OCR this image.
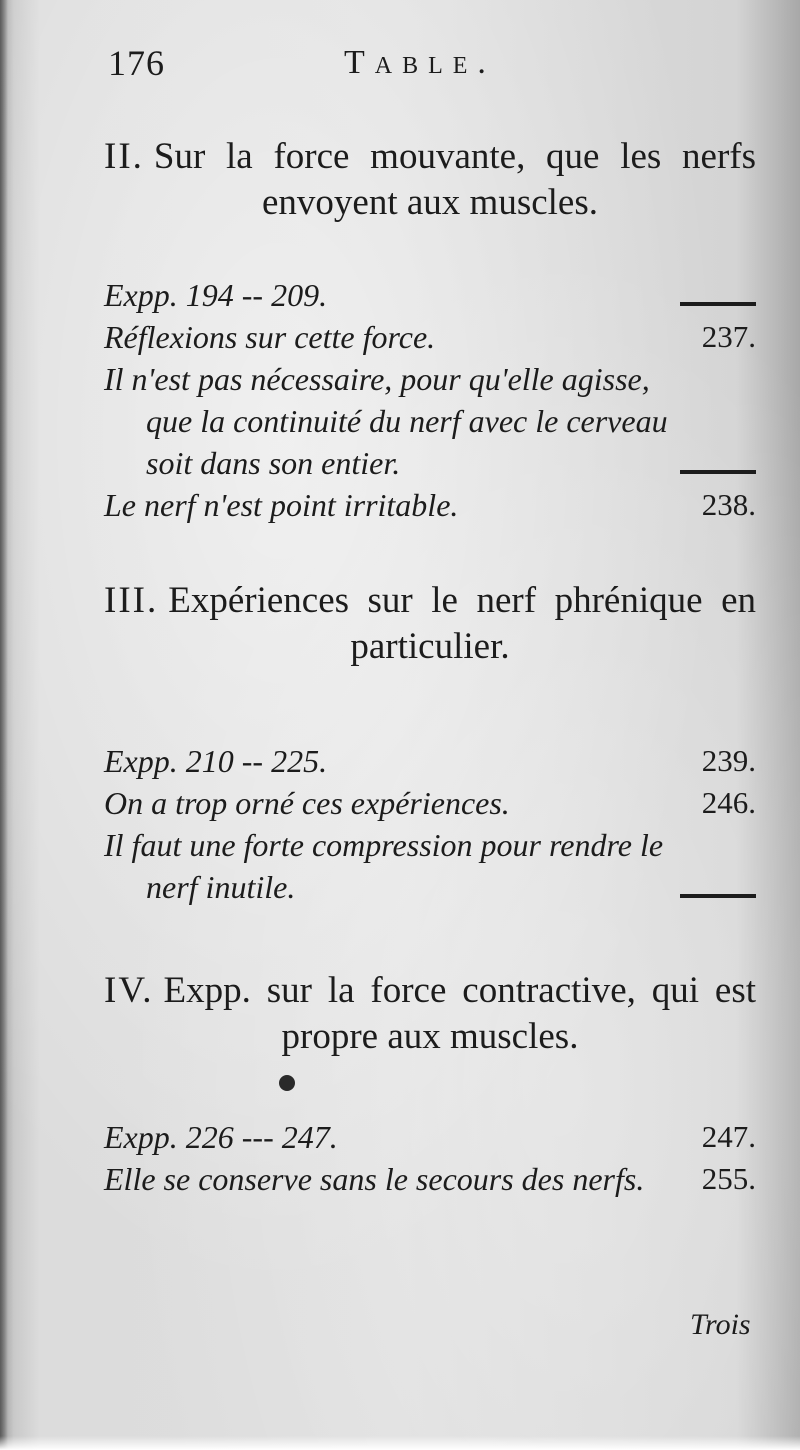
176	Table.
II. Sur la force mouvante, que les nerfs envoyent aux muscles.
Expp. 194 -- 209.
Réflexions sur cette force.	237.
Il n'est pas nécessaire, pour qu'elle agisse, que la continuité du nerf avec le cerveau soit dans son entier.
Le nerf n'est point irritable.	238.
III. Expériences sur le nerf phrénique en particulier.
Expp. 210 -- 225.	239.
On a trop orné ces expériences.	246.
Il faut une forte compression pour rendre le nerf inutile.
IV. Expp. sur la force contractive, qui est propre aux muscles.
Expp. 226 --- 247.	247.
Elle se conserve sans le secours des nerfs.	255.
Trois
